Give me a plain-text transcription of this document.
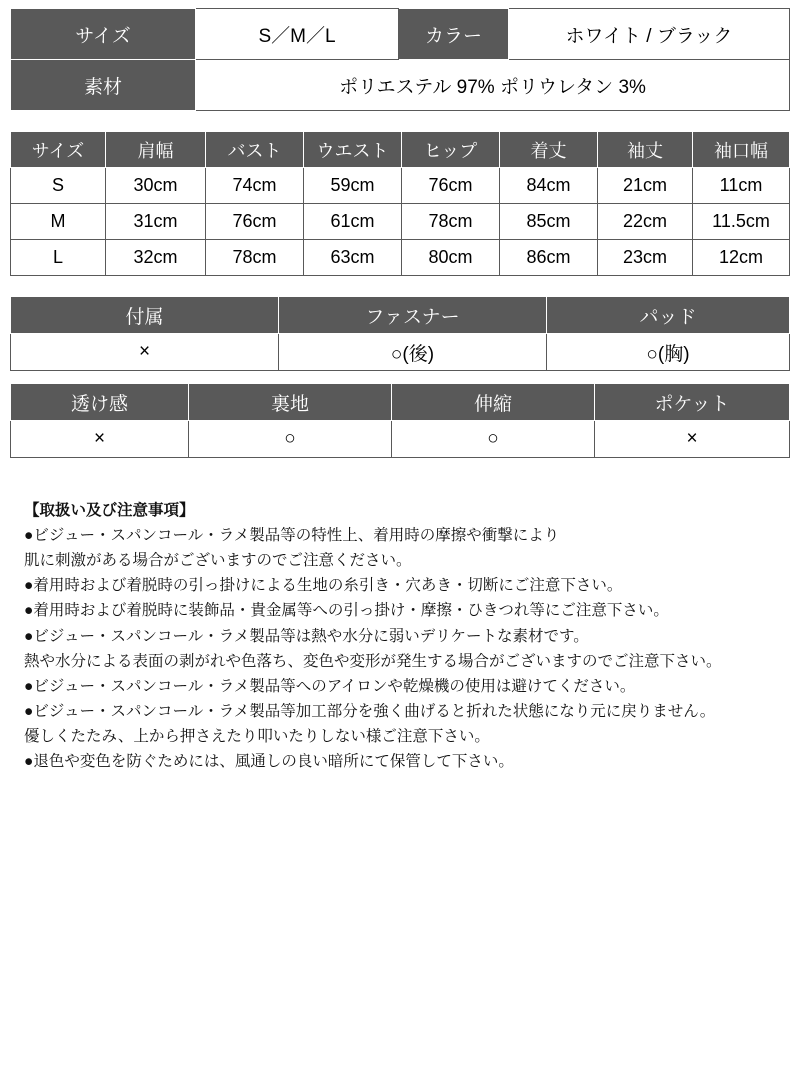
サイズ	S／M／L	カラー	ホワイト / ブラック
素材	ポリエステル 97% ポリウレタン 3%		
サイズ	肩幅	バスト	ウエスト	ヒップ	着丈	袖丈	袖口幅
S	30cm	74cm	59cm	76cm	84cm	21cm	11cm
M	31cm	76cm	61cm	78cm	85cm	22cm	11.5cm
L	32cm	78cm	63cm	80cm	86cm	23cm	12cm
付属	ファスナー	パッド
×	○(後)	○(胸)
透け感	裏地	伸縮	ポケット
×	○	○	×

【取扱い及び注意事項】

●ビジュー・スパンコール・ラメ製品等の特性上、着用時の摩擦や衝撃により

肌に刺激がある場合がございますのでご注意ください。

●着用時および着脱時の引っ掛けによる生地の糸引き・穴あき・切断にご注意下さい。

●着用時および着脱時に装飾品・貴金属等への引っ掛け・摩擦・ひきつれ等にご注意下さい。

●ビジュー・スパンコール・ラメ製品等は熱や水分に弱いデリケートな素材です。

熱や水分による表面の剥がれや色落ち、変色や変形が発生する場合がございますのでご注意下さい。

●ビジュー・スパンコール・ラメ製品等へのアイロンや乾燥機の使用は避けてください。

●ビジュー・スパンコール・ラメ製品等加工部分を強く曲げると折れた状態になり元に戻りません。

優しくたたみ、上から押さえたり叩いたりしない様ご注意下さい。

●退色や変色を防ぐためには、風通しの良い暗所にて保管して下さい。
